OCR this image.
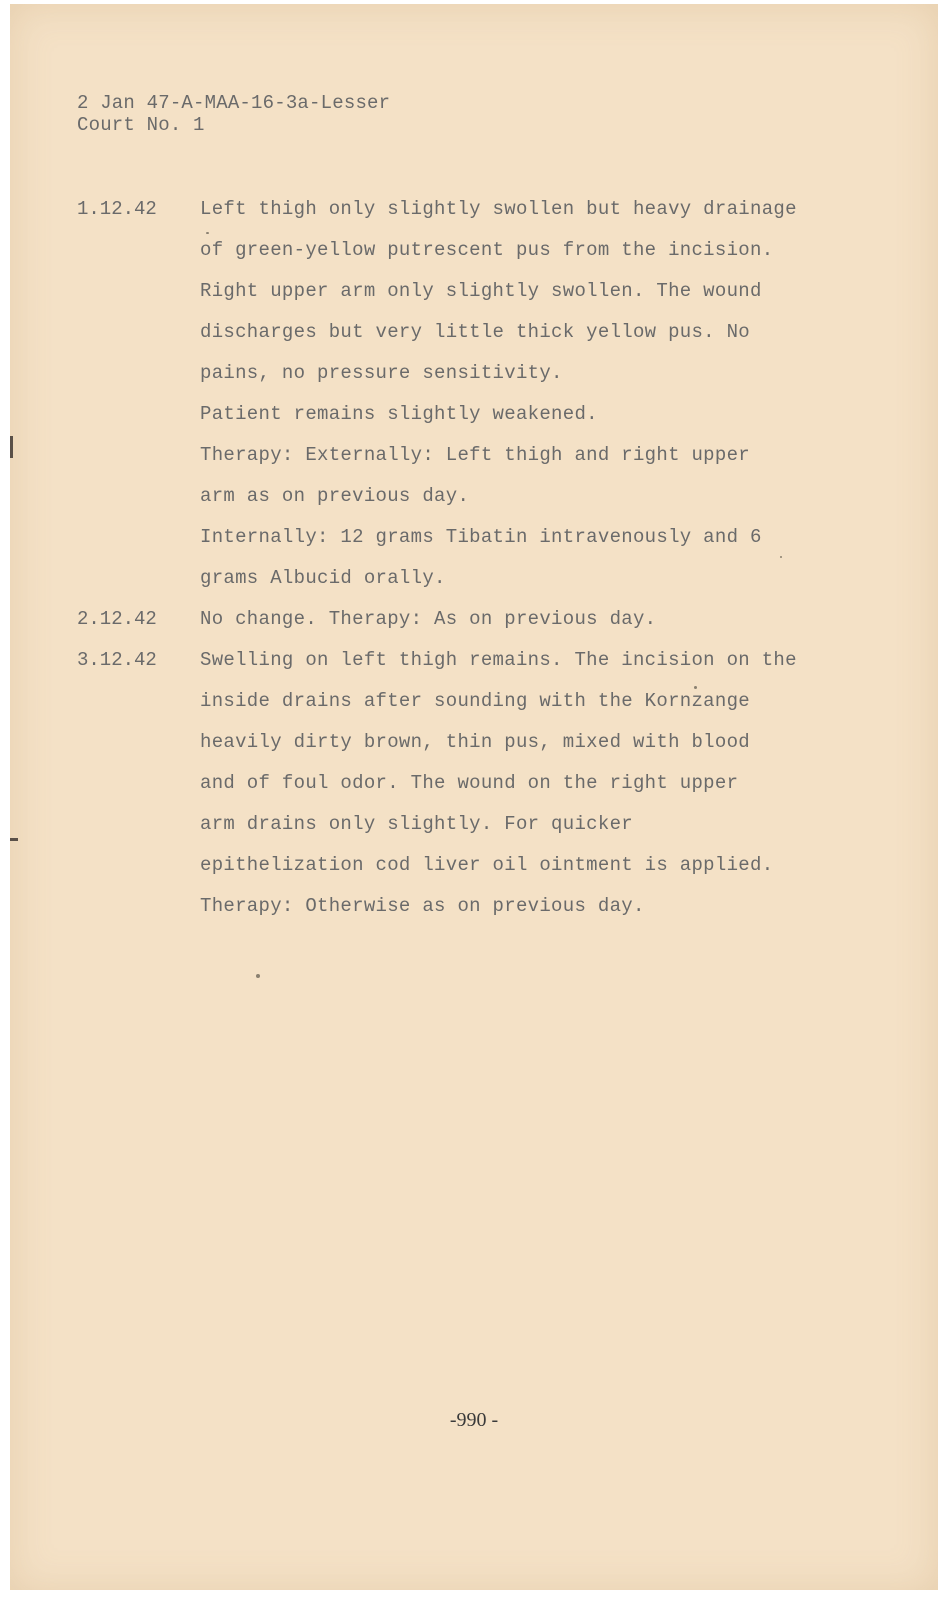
2 Jan 47-A-MAA-16-3a-Lesser
Court No. 1
1.12.42 Left thigh only slightly swollen but heavy drainage
of green-yellow putrescent pus from the incision.
Right upper arm only slightly swollen. The wound
discharges but very little thick yellow pus. No
pains, no pressure sensitivity.
Patient remains slightly weakened.
Therapy: Externally: Left thigh and right upper
arm as on previous day.
Internally: 12 grams Tibatin intravenously and 6
grams Albucid orally.
2.12.42 No change. Therapy: As on previous day.
3.12.42 Swelling on left thigh remains. The incision on the
inside drains after sounding with the Kornzange
heavily dirty brown, thin pus, mixed with blood
and of foul odor. The wound on the right upper
arm drains only slightly. For quicker
epithelization cod liver oil ointment is applied.
Therapy: Otherwise as on previous day.
-990 -
